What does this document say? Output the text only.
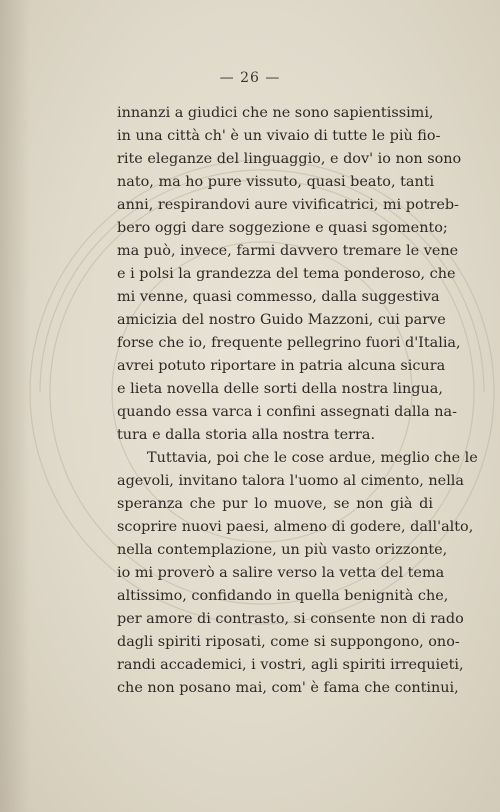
— 26 —
innanzi a giudici che ne sono sapientissimi,
in una città ch' è un vivaio di tutte le più fio-
rite eleganze del linguaggio, e dov' io non sono
nato, ma ho pure vissuto, quasi beato, tanti
anni, respirandovi aure vivificatrici, mi potreb-
bero oggi dare soggezione e quasi sgomento;
ma può, invece, farmi davvero tremare le vene
e i polsi la grandezza del tema ponderoso, che
mi venne, quasi commesso, dalla suggestiva
amicizia del nostro Guido Mazzoni, cui parve
forse che io, frequente pellegrino fuori d'Italia,
avrei potuto riportare in patria alcuna sicura
e lieta novella delle sorti della nostra lingua,
quando essa varca i confini assegnati dalla na-
tura e dalla storia alla nostra terra.
Tuttavia, poi che le cose ardue, meglio che le
agevoli, invitano talora l'uomo al cimento, nella
speranza che pur lo muove, se non già di
scoprire nuovi paesi, almeno di godere, dall'alto,
nella contemplazione, un più vasto orizzonte,
io mi proverò a salire verso la vetta del tema
altissimo, confidando in quella benignità che,
per amore di contrasto, si consente non di rado
dagli spiriti riposati, come si suppongono, ono-
randi accademici, i vostri, agli spiriti irrequieti,
che non posano mai, com' è fama che continui,
